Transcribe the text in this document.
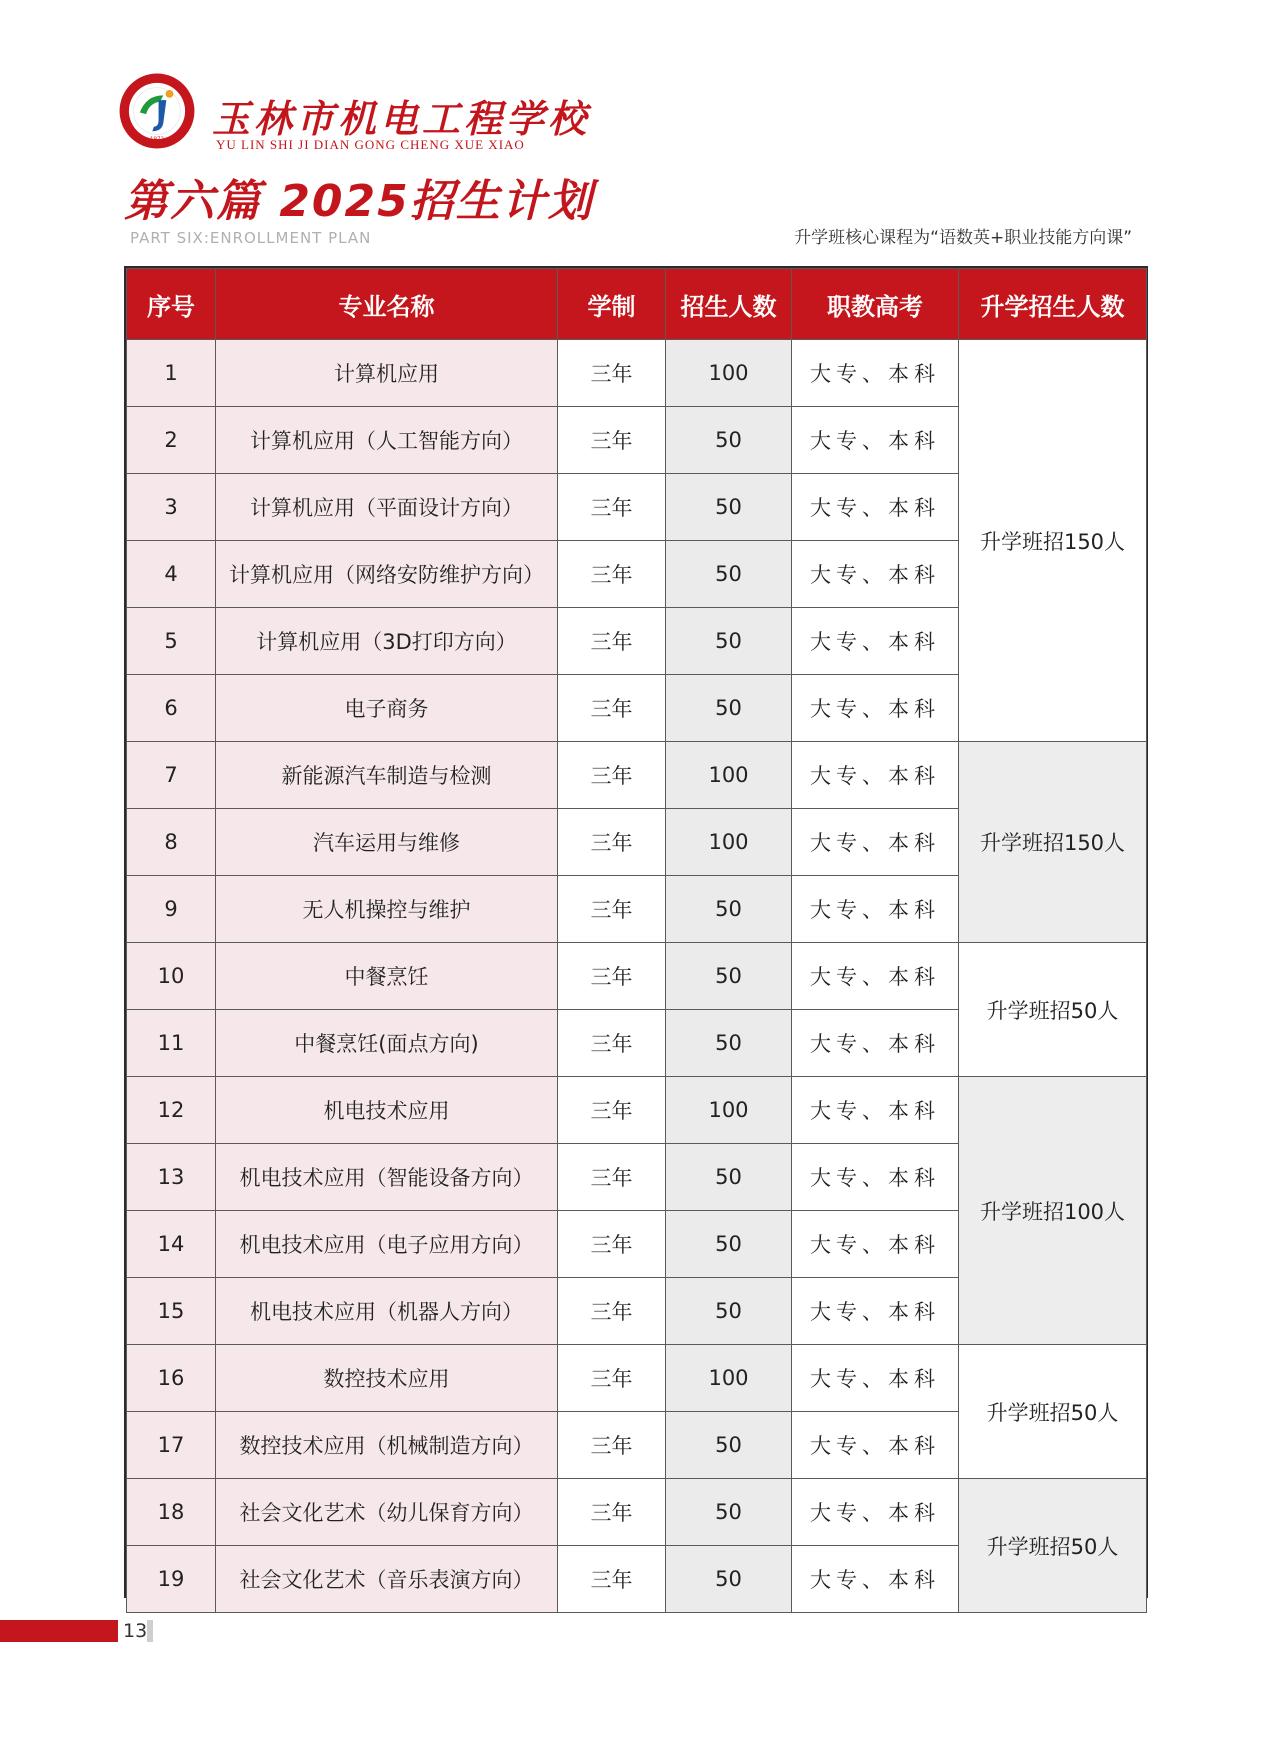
1972 玉林市机电工程学校
YU LIN SHI JI DIAN GONG CHENG XUE XIAO
第六篇 2025招生计划
PART SIX:ENROLLMENT PLAN	升学班核心课程为“语数英+职业技能方向课”
序号	专业名称	学制	招生人数	职教高考	升学招生人数
1	计算机应用	三年	100	大专、本科	升学班招150人
2	计算机应用（人工智能方向）	三年	50	大专、本科	
3	计算机应用（平面设计方向）	三年	50	大专、本科	
4	计算机应用（网络安防维护方向）	三年	50	大专、本科	
5	计算机应用（3D打印方向）	三年	50	大专、本科	
6	电子商务	三年	50	大专、本科	
7	新能源汽车制造与检测	三年	100	大专、本科	升学班招150人
8	汽车运用与维修	三年	100	大专、本科	
9	无人机操控与维护	三年	50	大专、本科	
10	中餐烹饪	三年	50	大专、本科	升学班招50人
11	中餐烹饪(面点方向)	三年	50	大专、本科	
12	机电技术应用	三年	100	大专、本科	升学班招100人
13	机电技术应用（智能设备方向）	三年	50	大专、本科	
14	机电技术应用（电子应用方向）	三年	50	大专、本科	
15	机电技术应用（机器人方向）	三年	50	大专、本科	
16	数控技术应用	三年	100	大专、本科	升学班招50人
17	数控技术应用（机械制造方向）	三年	50	大专、本科	
18	社会文化艺术（幼儿保育方向）	三年	50	大专、本科	升学班招50人
19	社会文化艺术（音乐表演方向）	三年	50	大专、本科	
13
